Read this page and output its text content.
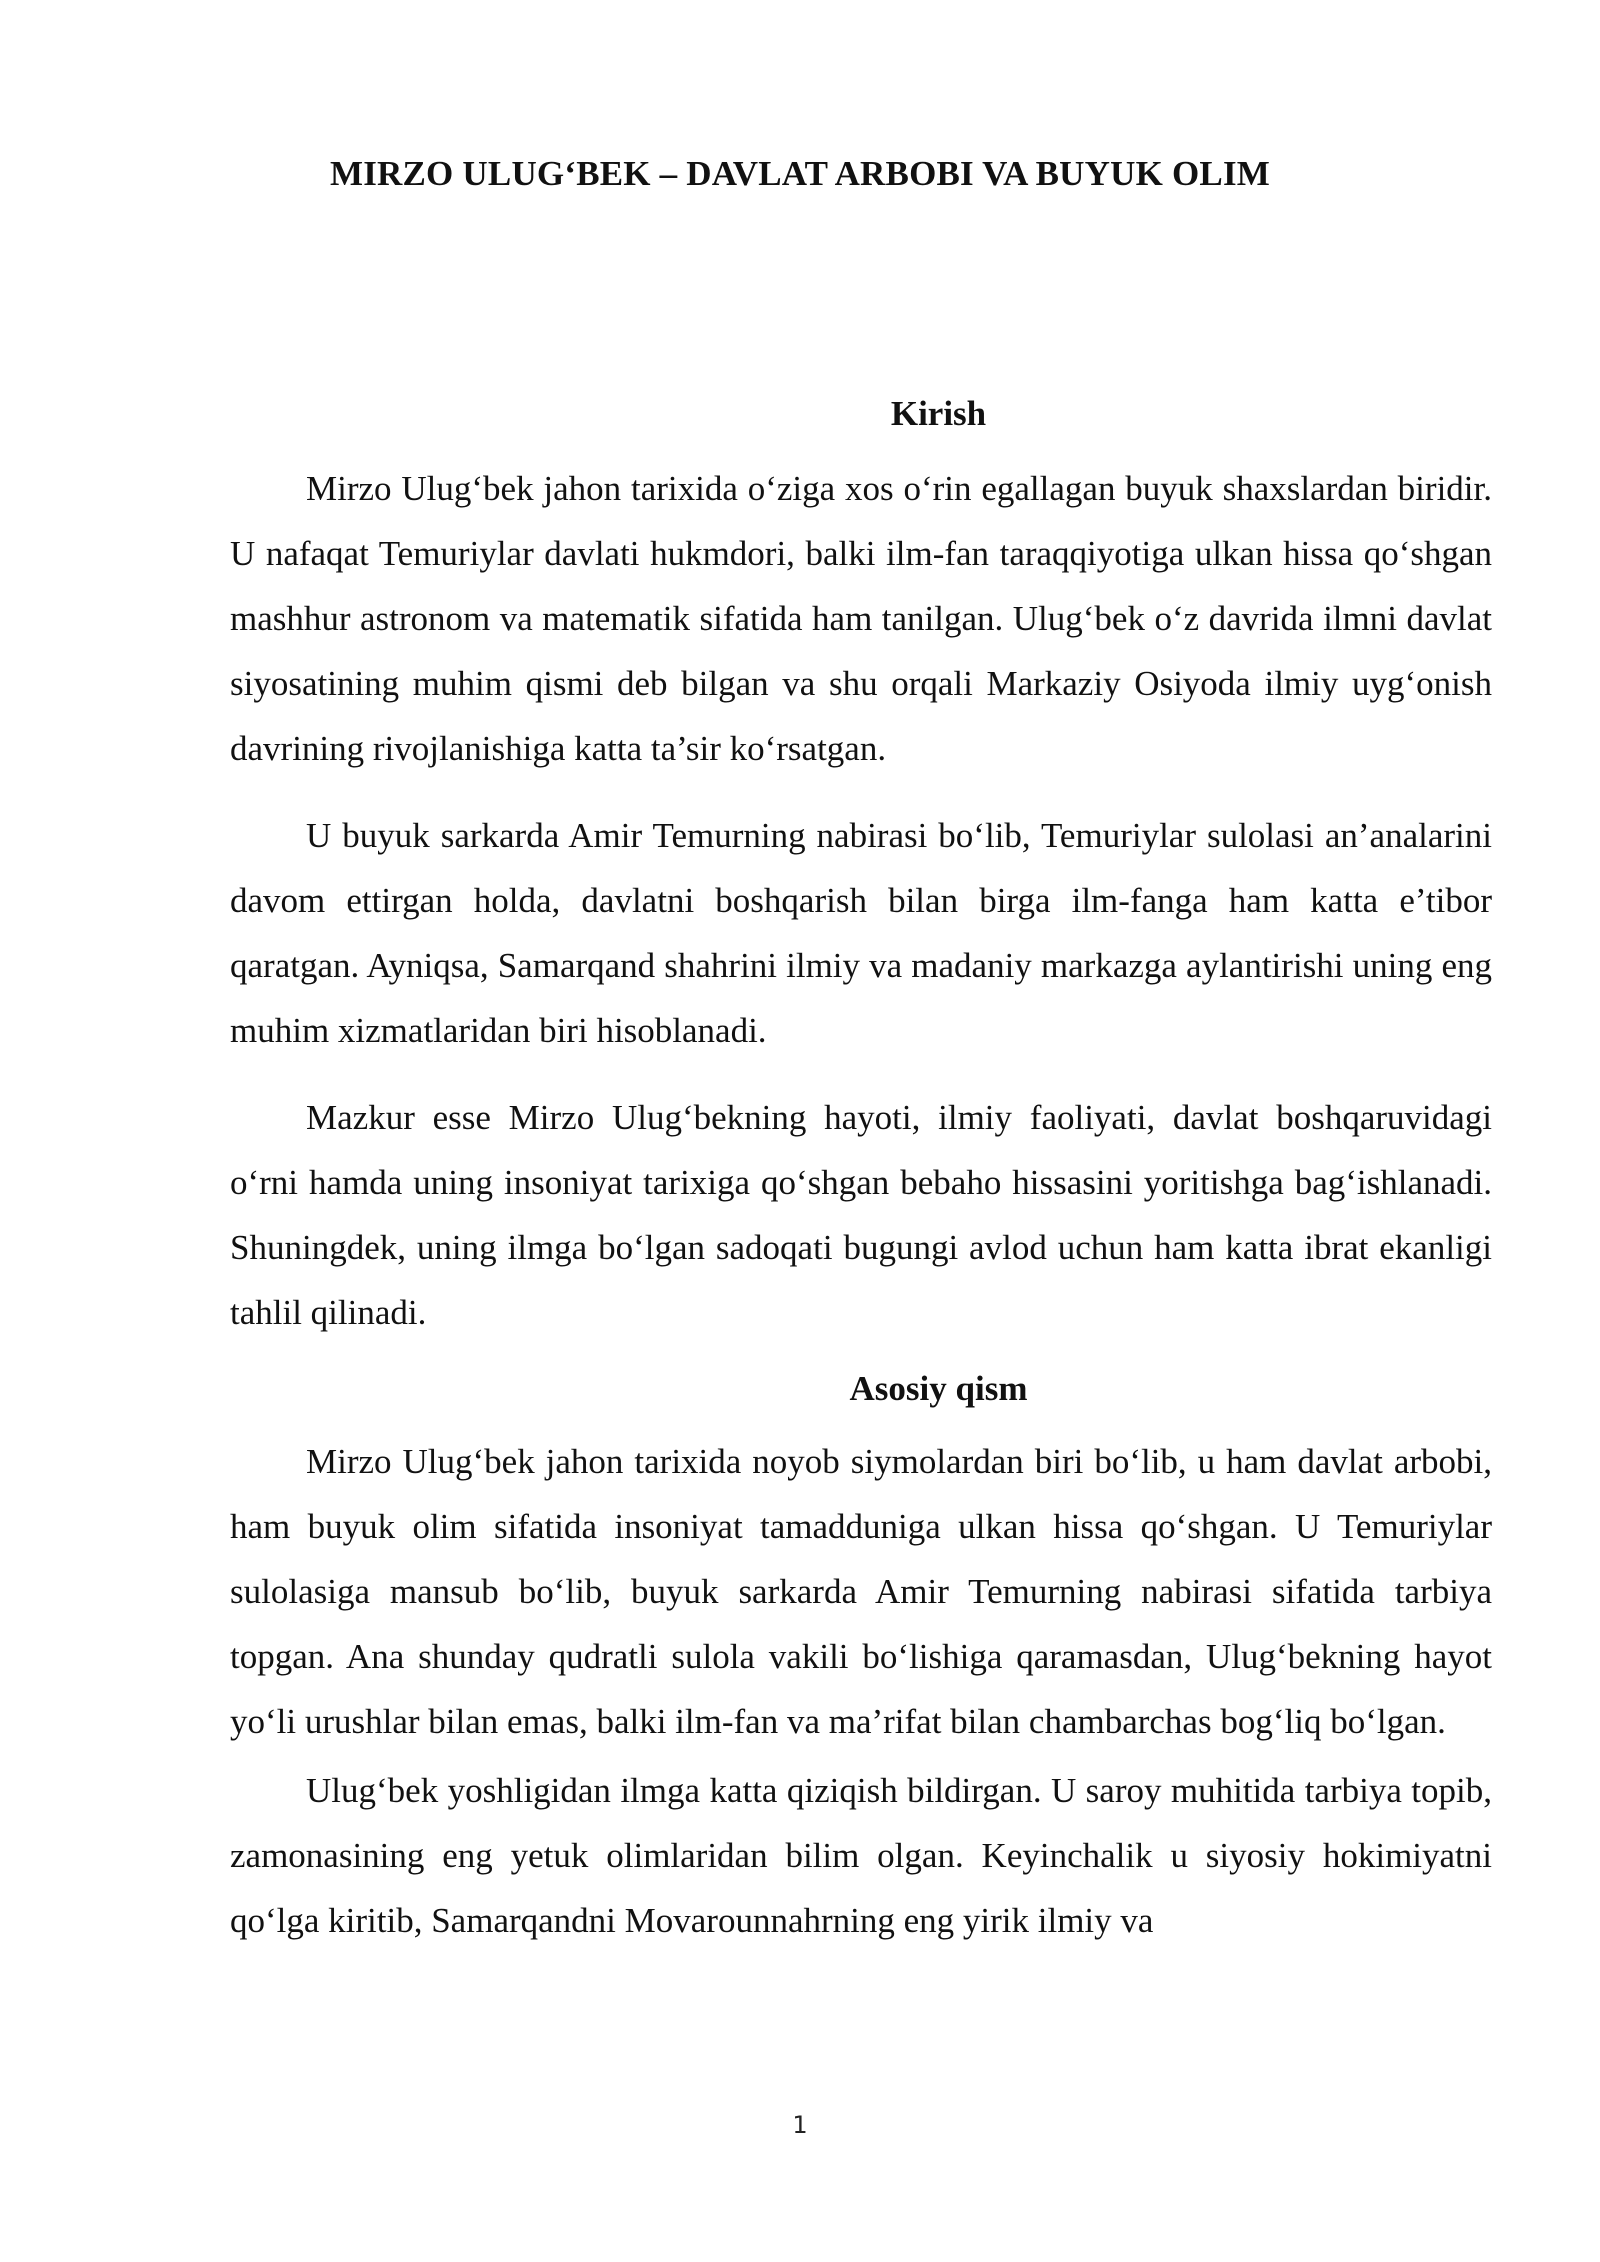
MIRZO ULUG‘BEK – DAVLAT ARBOBI VA BUYUK OLIM
Kirish

Mirzo Ulug‘bek jahon tarixida o‘ziga xos o‘rin egallagan buyuk shaxslardan biridir. U nafaqat Temuriylar davlati hukmdori, balki ilm-fan taraqqiyotiga ulkan hissa qo‘shgan mashhur astronom va matematik sifatida ham tanilgan. Ulug‘bek o‘z davrida ilmni davlat siyosatining muhim qismi deb bilgan va shu orqali Markaziy Osiyoda ilmiy uyg‘onish davrining rivojlanishiga katta ta’sir ko‘rsatgan.

U buyuk sarkarda Amir Temurning nabirasi bo‘lib, Temuriylar sulolasi an’analarini davom ettirgan holda, davlatni boshqarish bilan birga ilm-fanga ham katta e’tibor qaratgan. Ayniqsa, Samarqand shahrini ilmiy va madaniy markazga aylantirishi uning eng muhim xizmatlaridan biri hisoblanadi.

Mazkur esse Mirzo Ulug‘bekning hayoti, ilmiy faoliyati, davlat boshqaruvidagi o‘rni hamda uning insoniyat tarixiga qo‘shgan bebaho hissasini yoritishga bag‘ishlanadi. Shuningdek, uning ilmga bo‘lgan sadoqati bugungi avlod uchun ham katta ibrat ekanligi tahlil qilinadi.

Asosiy qism

Mirzo Ulug‘bek jahon tarixida noyob siymolardan biri bo‘lib, u ham davlat arbobi, ham buyuk olim sifatida insoniyat tamadduniga ulkan hissa qo‘shgan. U Temuriylar sulolasiga mansub bo‘lib, buyuk sarkarda Amir Temurning nabirasi sifatida tarbiya topgan. Ana shunday qudratli sulola vakili bo‘lishiga qaramasdan, Ulug‘bekning hayot yo‘li urushlar bilan emas, balki ilm-fan va ma’rifat bilan chambarchas bog‘liq bo‘lgan.

Ulug‘bek yoshligidan ilmga katta qiziqish bildirgan. U saroy muhitida tarbiya topib, zamonasining eng yetuk olimlaridan bilim olgan. Keyinchalik u siyosiy hokimiyatni qo‘lga kiritib, Samarqandni Movarounnahrning eng yirik ilmiy va

1
